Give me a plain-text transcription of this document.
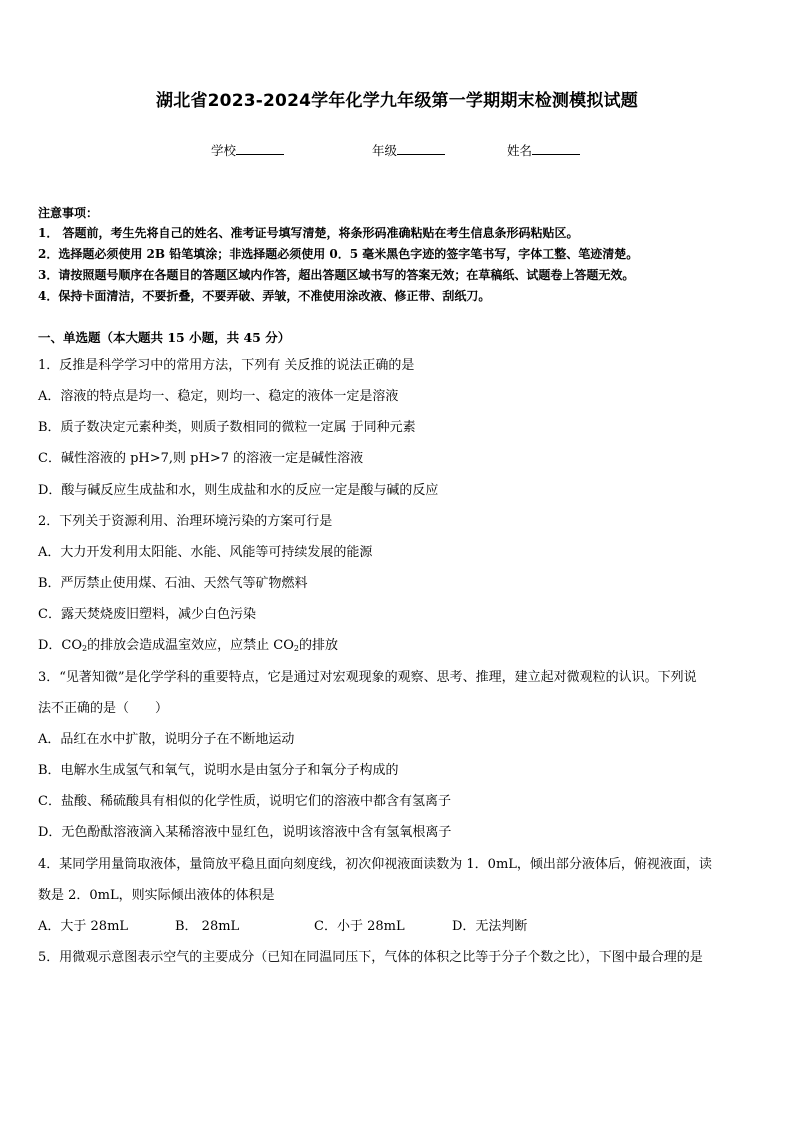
湖北省2023-2024学年化学九年级第一学期期末检测模拟试题
学校	年级	姓名
注意事项：
1． 答题前，考生先将自己的姓名、准考证号填写清楚，将条形码准确粘贴在考生信息条形码粘贴区。
2．选择题必须使用 2B 铅笔填涂；非选择题必须使用 0．5 毫米黑色字迹的签字笔书写，字体工整、笔迹清楚。
3．请按照题号顺序在各题目的答题区域内作答，超出答题区域书写的答案无效；在草稿纸、试题卷上答题无效。
4．保持卡面清洁，不要折叠，不要弄破、弄皱，不准使用涂改液、修正带、刮纸刀。
一、单选题（本大题共 15 小题，共 45 分）
1．反推是科学学习中的常用方法，下列有 关反推的说法正确的是
A．溶液的特点是均一、稳定，则均一、稳定的液体一定是溶液
B．质子数决定元素种类，则质子数相同的微粒一定属 于同种元素
C．碱性溶液的 pH>7,则 pH>7 的溶液一定是碱性溶液
D．酸与碱反应生成盐和水，则生成盐和水的反应一定是酸与碱的反应
2．下列关于资源利用、治理环境污染的方案可行是
A．大力开发利用太阳能、水能、风能等可持续发展的能源
B．严厉禁止使用煤、石油、天然气等矿物燃料
C．露天焚烧废旧塑料，减少白色污染
D．$CO_2$的排放会造成温室效应，应禁止 $CO_2$的排放
3．“见著知微”是化学学科的重要特点，它是通过对宏观现象的观察、思考、推理，建立起对微观粒的认识。下列说
法不正确的是（　　）
A．品红在水中扩散，说明分子在不断地运动
B．电解水生成氢气和氧气，说明水是由氢分子和氧分子构成的
C．盐酸、稀硫酸具有相似的化学性质，说明它们的溶液中都含有氢离子
D．无色酚酞溶液滴入某稀溶液中显红色，说明该溶液中含有氢氧根离子
4．某同学用量筒取液体，量筒放平稳且面向刻度线，初次仰视液面读数为 1．0mL，倾出部分液体后，俯视液面，读
数是 2．0mL，则实际倾出液体的体积是
A．大于 28mL	B． 28mL	C．小于 28mL	D．无法判断
5．用微观示意图表示空气的主要成分（已知在同温同压下，气体的体积之比等于分子个数之比），下图中最合理的是
